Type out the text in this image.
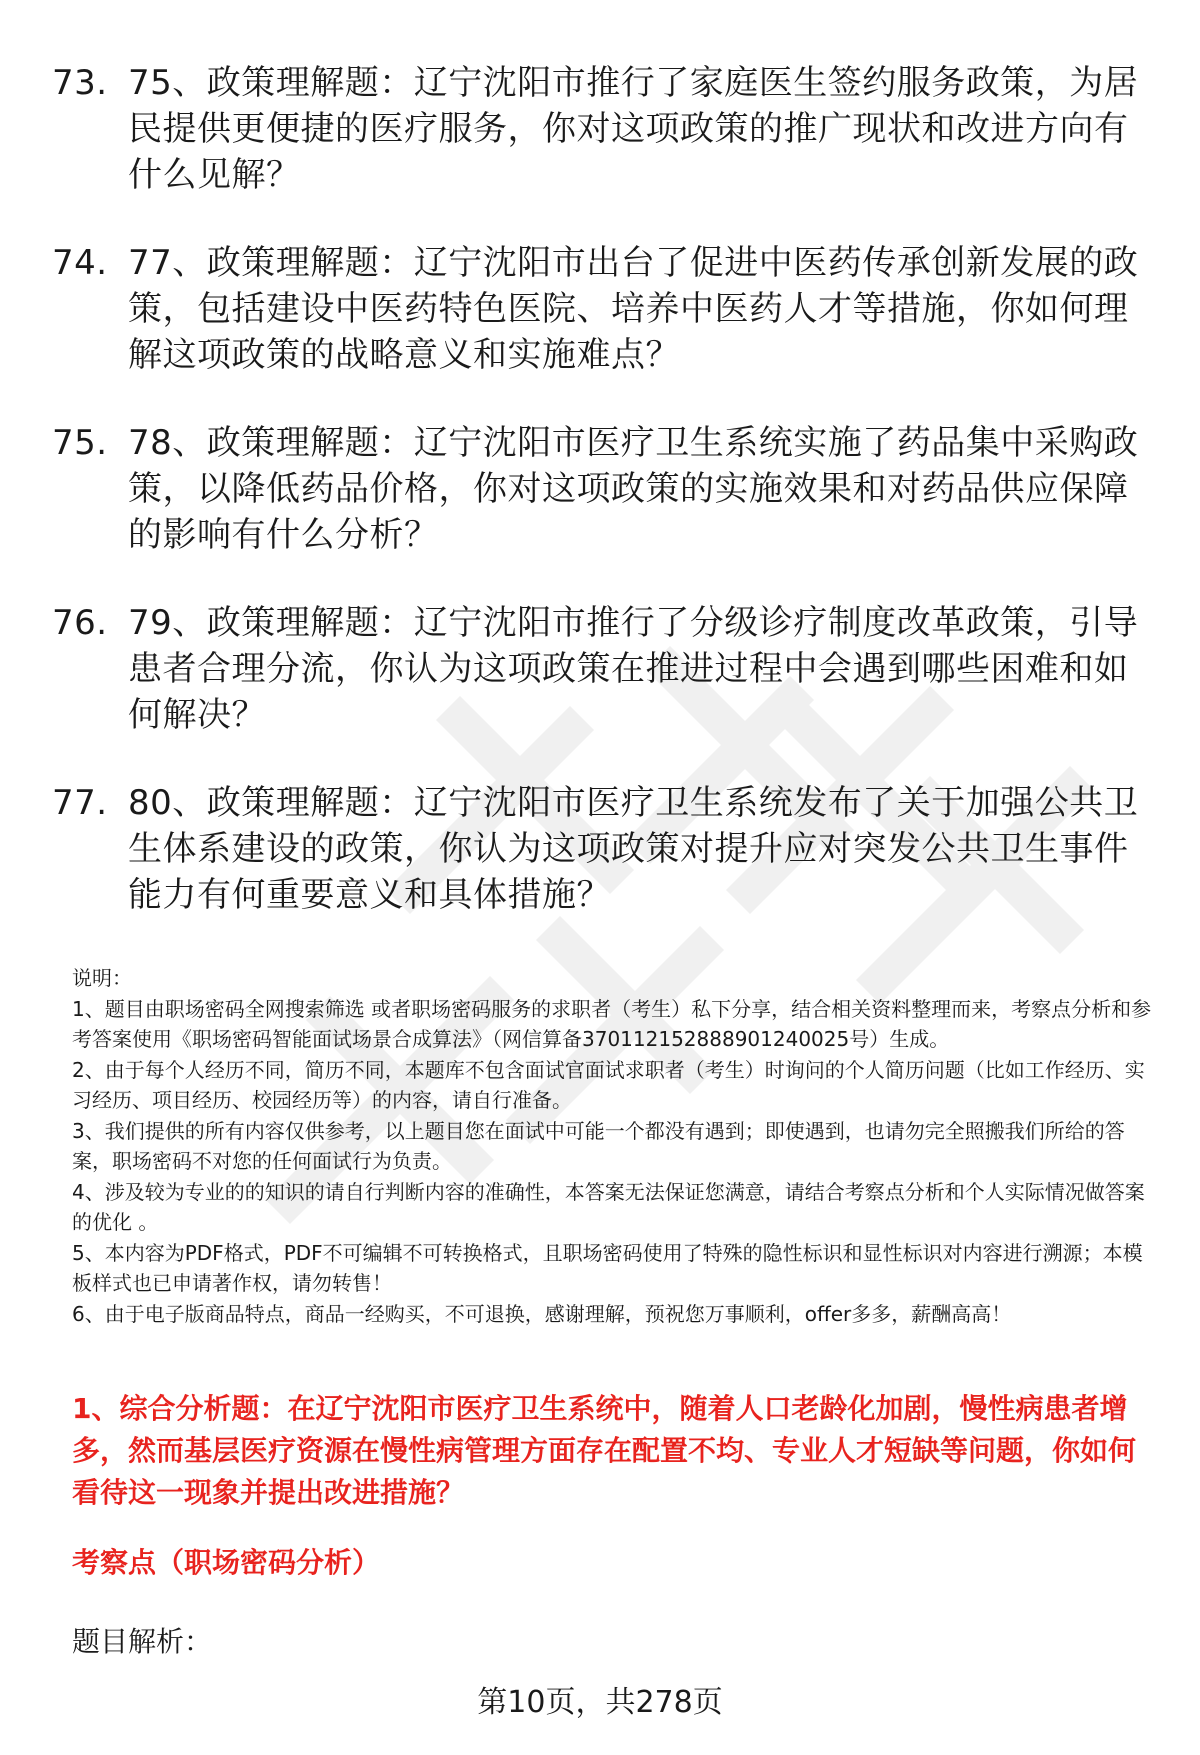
73. 75、政策理解题：辽宁沈阳市推行了家庭医生签约服务政策，为居民提供更便捷的医疗服务，你对这项政策的推广现状和改进方向有什么见解？
74. 77、政策理解题：辽宁沈阳市出台了促进中医药传承创新发展的政策，包括建设中医药特色医院、培养中医药人才等措施，你如何理解这项政策的战略意义和实施难点？
75. 78、政策理解题：辽宁沈阳市医疗卫生系统实施了药品集中采购政策，以降低药品价格，你对这项政策的实施效果和对药品供应保障的影响有什么分析？
76. 79、政策理解题：辽宁沈阳市推行了分级诊疗制度改革政策，引导患者合理分流，你认为这项政策在推进过程中会遇到哪些困难和如何解决？
77. 80、政策理解题：辽宁沈阳市医疗卫生系统发布了关于加强公共卫生体系建设的政策，你认为这项政策对提升应对突发公共卫生事件能力有何重要意义和具体措施？

说明：

1、题目由职场密码全网搜索筛选 或者职场密码服务的求职者（考生）私下分享，结合相关资料整理而来，考察点分析和参考答案使用《职场密码智能面试场景合成算法》（网信算备370112152888901240025号）生成。

2、由于每个人经历不同，简历不同，本题库不包含面试官面试求职者（考生）时询问的个人简历问题（比如工作经历、实习经历、项目经历、校园经历等）的内容，请自行准备。

3、我们提供的所有内容仅供参考，以上题目您在面试中可能一个都没有遇到；即使遇到，也请勿完全照搬我们所给的答案，职场密码不对您的任何面试行为负责。

4、涉及较为专业的的知识的请自行判断内容的准确性，本答案无法保证您满意，请结合考察点分析和个人实际情况做答案的优化 。

5、本内容为PDF格式，PDF不可编辑不可转换格式，且职场密码使用了特殊的隐性标识和显性标识对内容进行溯源；本模板样式也已申请著作权，请勿转售！

6、由于电子版商品特点，商品一经购买，不可退换，感谢理解，预祝您万事顺利，offer多多，薪酬高高！

1、综合分析题：在辽宁沈阳市医疗卫生系统中，随着人口老龄化加剧，慢性病患者增多，然而基层医疗资源在慢性病管理方面存在配置不均、专业人才短缺等问题，你如何看待这一现象并提出改进措施？
考察点（职场密码分析）
题目解析：
第10页，共278页
